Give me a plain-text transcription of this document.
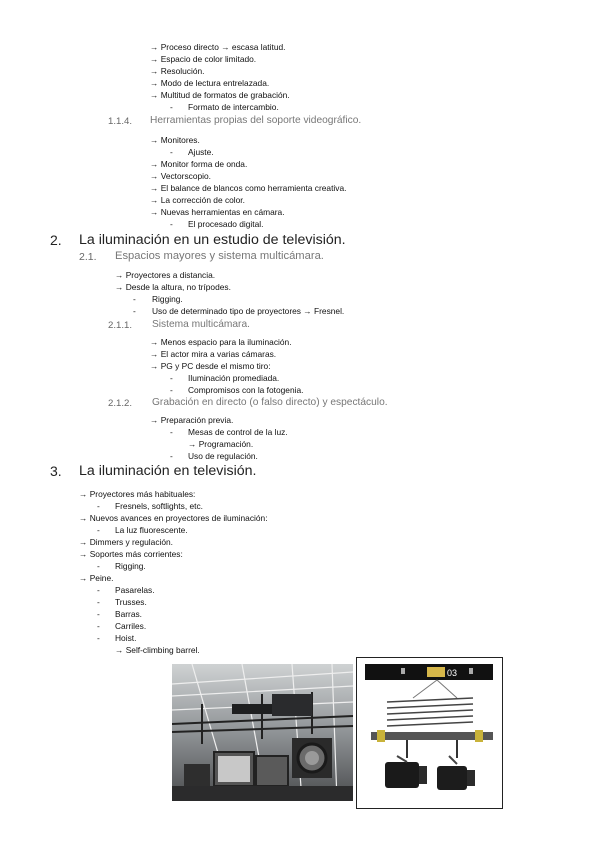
→ Proceso directo → escasa latitud.
→ Espacio de color limitado.
→ Resolución.
→ Modo de lectura entrelazada.
→ Multitud de formatos de grabación.
- Formato de intercambio.
1.1.4. Herramientas propias del soporte videográfico.
→ Monitores.
- Ajuste.
→ Monitor forma de onda.
→ Vectorscopio.
→ El balance de blancos como herramienta creativa.
→ La corrección de color.
→ Nuevas herramientas en cámara.
- El procesado digital.
2. La iluminación en un estudio de televisión.
2.1. Espacios mayores y sistema multicámara.
→ Proyectores a distancia.
→ Desde la altura, no trípodes.
- Rigging.
- Uso de determinado tipo de proyectores → Fresnel.
2.1.1. Sistema multicámara.
→ Menos espacio para la iluminación.
→ El actor mira a varias cámaras.
→ PG y PC desde el mismo tiro:
- Iluminación promediada.
- Compromisos con la fotogenia.
2.1.2. Grabación en directo (o falso directo) y espectáculo.
→ Preparación previa.
- Mesas de control de la luz.
→ Programación.
- Uso de regulación.
3. La iluminación en televisión.
→ Proyectores más habituales:
- Fresnels, softlights, etc.
→ Nuevos avances en proyectores de iluminación:
- La luz fluorescente.
→ Dimmers y regulación.
→ Soportes más corrientes:
- Rigging.
→ Peine.
- Pasarelas.
- Trusses.
- Barras.
- Carriles.
- Hoist.
→ Self-climbing barrel.
03
